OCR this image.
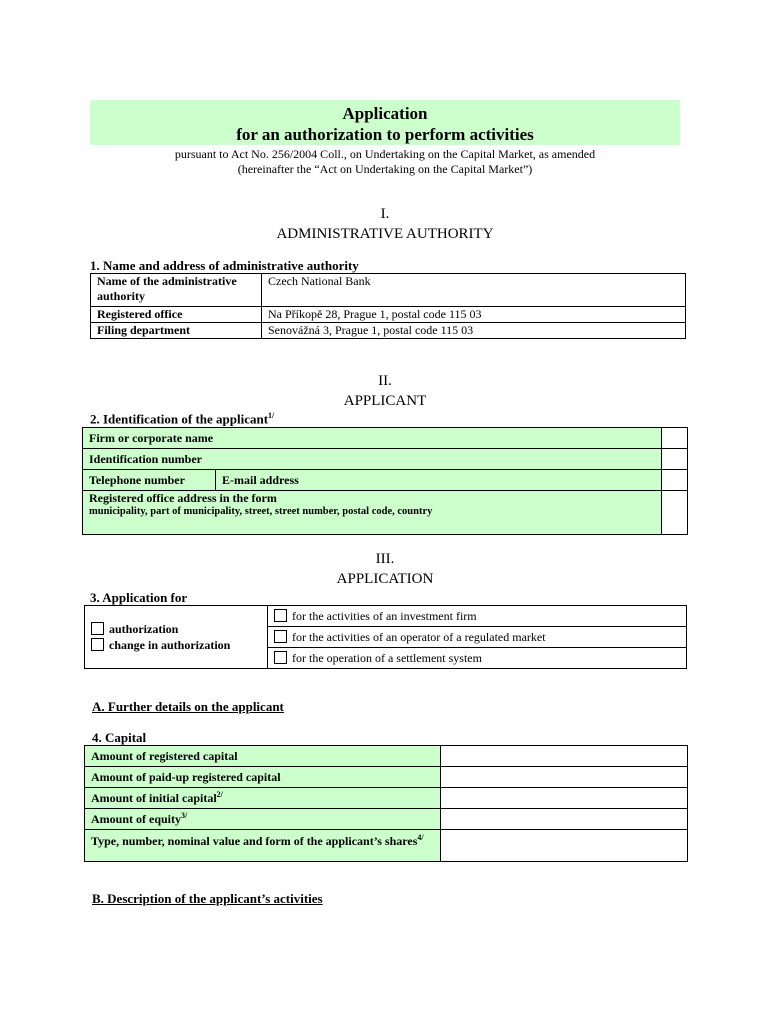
Application
for an authorization to perform activities
pursuant to Act No. 256/2004 Coll., on Undertaking on the Capital Market, as amended
(hereinafter the “Act on Undertaking on the Capital Market”)
I.
ADMINISTRATIVE AUTHORITY
1. Name and address of administrative authority
Name of the administrative authority	Czech National Bank
Registered office	Na Příkopě 28, Prague 1, postal code 115 03
Filing department	Senovážná 3, Prague 1, postal code 115 03
II.
APPLICANT
2. Identification of the applicant$^{1/}$
Firm or corporate name		
Identification number		
Telephone number	E-mail address	

Registered office address in the form
municipality, part of municipality, street, street number, postal code, country		

III.
APPLICATION
3. Application for
authorization
change in authorization
	for the activities of an investment firm
for the activities of an operator of a regulated market
for the operation of a settlement system
A. Further details on the applicant
4. Capital
Amount of registered capital	
Amount of paid-up registered capital	
Amount of initial capital$^{2/}$	
Amount of equity$^{3/}$	
Type, number, nominal value and form of the applicant’s shares$^{4/}$	
B. Description of the applicant’s activities
